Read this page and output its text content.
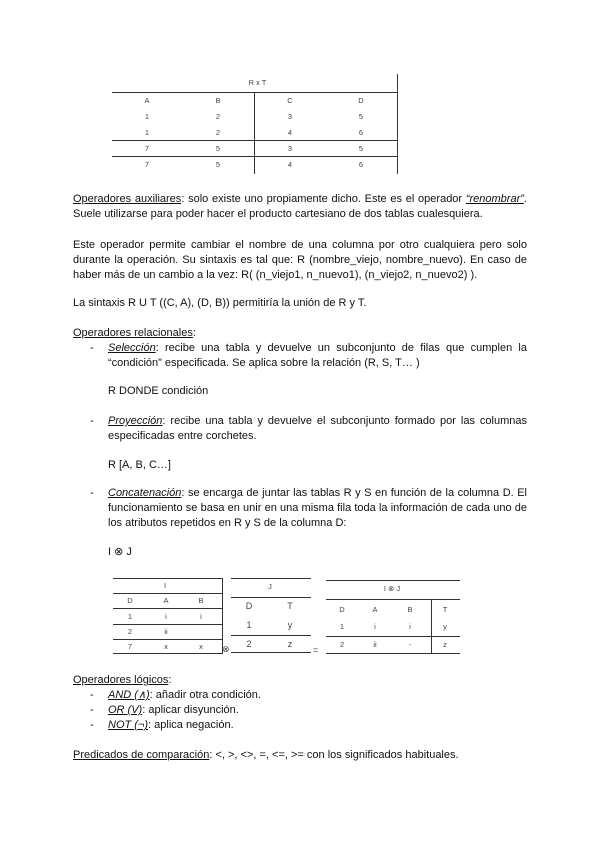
R x T
A	B	C	D
1	2	3	5
1	2	4	6
7	5	3	5
7	5	4	6
Operadores auxiliares: solo existe uno propiamente dicho. Este es el operador “renombrar”. Suele utilizarse para poder hacer el producto cartesiano de dos tablas cualesquiera.
Este operador permite cambiar el nombre de una columna por otro cualquiera pero solo durante la operación. Su sintaxis es tal que: R (nombre_viejo, nombre_nuevo). En caso de haber más de un cambio a la vez: R( (n_viejo1, n_nuevo1), (n_viejo2, n_nuevo2) ).
La sintaxis R U T ((C, A), (D, B)) permitiría la unión de R y T.
Operadores relacionales:
- Selección: recibe una tabla y devuelve un subconjunto de filas que cumplen la “condición” especificada. Se aplica sobre la relación (R, S, T… )
R DONDE condición
- Proyección: recibe una tabla y devuelve el subconjunto formado por las columnas especificadas entre corchetes.
R [A, B, C…]
- Concatenación: se encarga de juntar las tablas R y S en función de la columna D. El funcionamiento se basa en unir en una misma fila toda la información de cada uno de los atributos repetidos en R y S de la columna D:
I ⊗ J
I
D	A	B
1	i	i
2	ii
7	x	x	⊗
J
D	T
1	y
2	z
=
I ⊗ J
D	A	B	T
1	i	i	y
2	ii	-	z
Operadores lógicos:
- AND (∧): añadir otra condición.
- OR (V): aplicar disyunción.
- NOT (¬): aplica negación.
Predicados de comparación: <, >, <>, =, <=, >= con los significados habituales.
